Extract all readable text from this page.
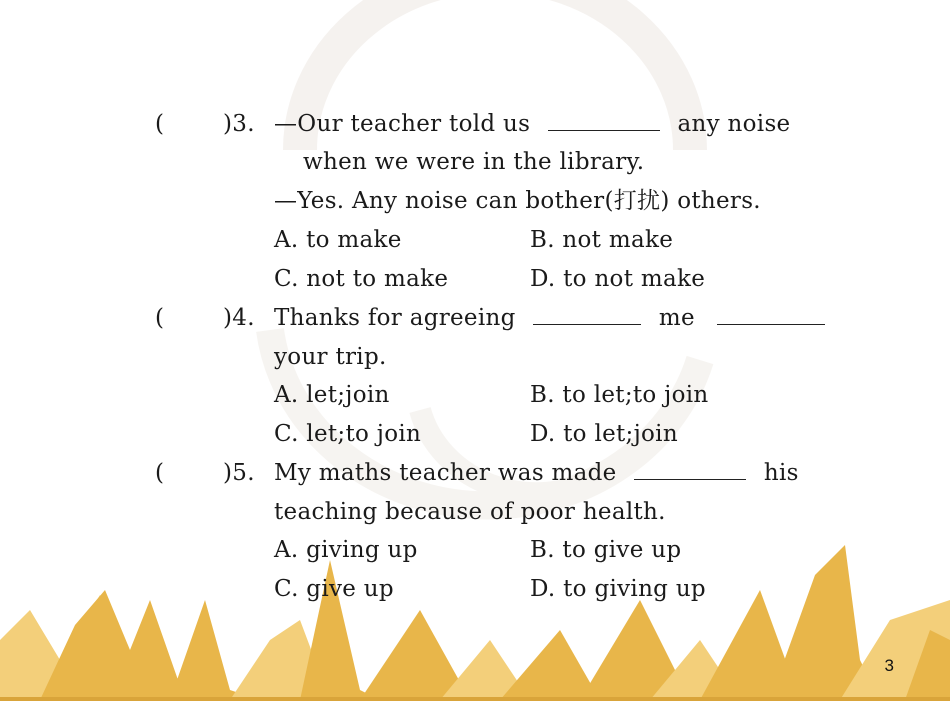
(	)3. —Our teacher told us	any noise
when we were in the library.
—Yes. Any noise can bother(打扰) others.
A. to make	B. not make
C. not to make	D. to not make
(	)4. Thanks for agreeing	me
your trip.
A. let;join	B. to let;to join
C. let;to join	D. to let;join
(	)5. My maths teacher was made	his
teaching because of poor health.
A. giving up	B. to give up
C. give up	D. to giving up
3
